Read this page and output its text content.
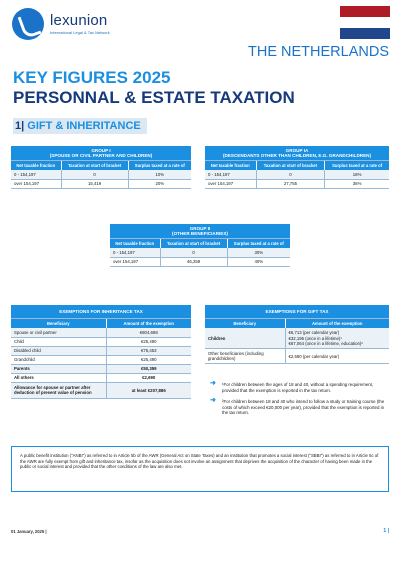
lexunion
International Legal & Tax Network
THE NETHERLANDS
KEY FIGURES 2025
PERSONNAL & ESTATE TAXATION
1| GIFT & INHERITANCE
GROUP I
(SPOUSE OR CIVIL PARTNER AND CHILDREN)		
Net taxable fraction	Taxation at start of bracket	Surplus taxed at a rate of
0 - 154,197	0	10%
over 154,197	15,419	20%
GROUP IA
(DESCENDANTS OTHER THAN CHILDREN, E.G. GRANDCHILDREN)		
Net taxable fraction	Taxation at start of bracket	Surplus taxed at a rate of
0 - 154,197	0	18%
over 154,197	27,755	36%
GROUP II
(OTHER BENEFICIARIES)		
Net taxable fraction	Taxation at start of bracket	Surplus taxed at a rate of
0 - 154,197	0	30%
over 154,197	46,259	40%
EXEMPTIONS FOR INHERITANCE TAX	
Beneficiary	Amount of the exemption
Spouse or civil partner	€804,698
Child	€25,490
Disabled child	€76,453
Grandchild	€25,490
Parents	€50,359
All others	€2,690
Allowance for spouse or partner after deduction of present value of pension	at least €207,886
EXEMPTIONS FOR GIFT TAX	
Beneficiary	Amount of the exemption
Children	€6,713 (per calendar year)
€32,195 (once in a lifetime)¹
€67,064 (once in a lifetime, education)²
Other beneficiaries (including grandchildren)	€2,690 (per calendar year)
➜ ¹For children between the ages of 18 and 40, without a spending requirement, provided that the exemption is reported in the tax return.
➜ ²For children between 18 and 40 who intend to follow a study or training course (the costs of which exceed €20,000 per year), provided that the exemption is reported in the tax return.
A public benefit institution ("ANBI") as referred to in Article 5b of the AWR (General Act on State Taxes) and an institution that promotes a social interest ("SBBI") as referred to in Article 5c of the AWR are fully exempt from gift and inheritance tax, insofar as the acquisition does not involve an assignment that deprives the acquisition of the character of having been made in the public or social interest and provided that the other conditions of the law are also met.
01 January, 2025 |	1 |
